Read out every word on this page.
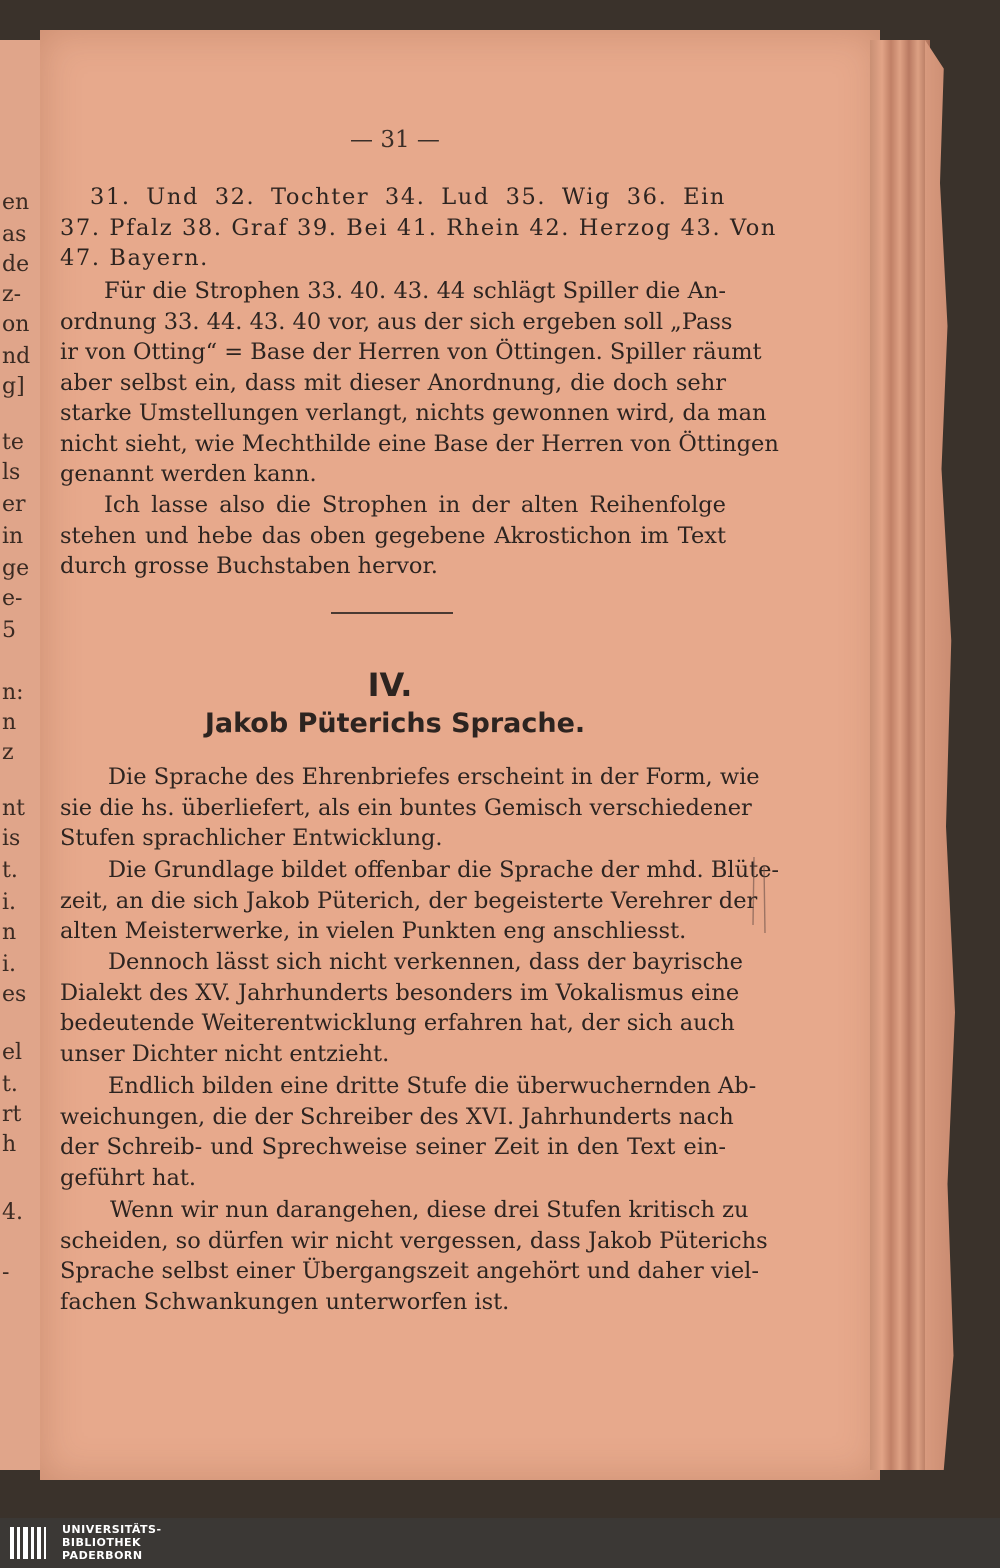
en
as
de
z-
on
nd
g]
te
ls
er
in
ge
e-
5
n:
n
z
nt
is
t.
i.
n
i.
es
el
t.
rt
h
4.
-
— 31 —
31. Und 32. Tochter 34. Lud 35. Wig 36. Ein
37. Pfalz 38. Graf 39. Bei 41. Rhein 42. Herzog 43. Von
47. Bayern.
Für die Strophen 33. 40. 43. 44 schlägt Spiller die An-
ordnung 33. 44. 43. 40 vor, aus der sich ergeben soll „Pass
ir von Otting“ = Base der Herren von Öttingen. Spiller räumt
aber selbst ein, dass mit dieser Anordnung, die doch sehr
starke Umstellungen verlangt, nichts gewonnen wird, da man
nicht sieht, wie Mechthilde eine Base der Herren von Öttingen
genannt werden kann.
Ich lasse also die Strophen in der alten Reihenfolge
stehen und hebe das oben gegebene Akrostichon im Text
durch grosse Buchstaben hervor.
IV.
Jakob Püterichs Sprache.
Die Sprache des Ehrenbriefes erscheint in der Form, wie
sie die hs. überliefert, als ein buntes Gemisch verschiedener
Stufen sprachlicher Entwicklung.
Die Grundlage bildet offenbar die Sprache der mhd. Blüte-
zeit, an die sich Jakob Püterich, der begeisterte Verehrer der
alten Meisterwerke, in vielen Punkten eng anschliesst.
Dennoch lässt sich nicht verkennen, dass der bayrische
Dialekt des XV. Jahrhunderts besonders im Vokalismus eine
bedeutende Weiterentwicklung erfahren hat, der sich auch
unser Dichter nicht entzieht.
Endlich bilden eine dritte Stufe die überwuchernden Ab-
weichungen, die der Schreiber des XVI. Jahrhunderts nach
der Schreib- und Sprechweise seiner Zeit in den Text ein-
geführt hat.
Wenn wir nun darangehen, diese drei Stufen kritisch zu
scheiden, so dürfen wir nicht vergessen, dass Jakob Püterichs
Sprache selbst einer Übergangszeit angehört und daher viel-
fachen Schwankungen unterworfen ist.
UNIVERSITÄTS-
BIBLIOTHEK
PADERBORN
